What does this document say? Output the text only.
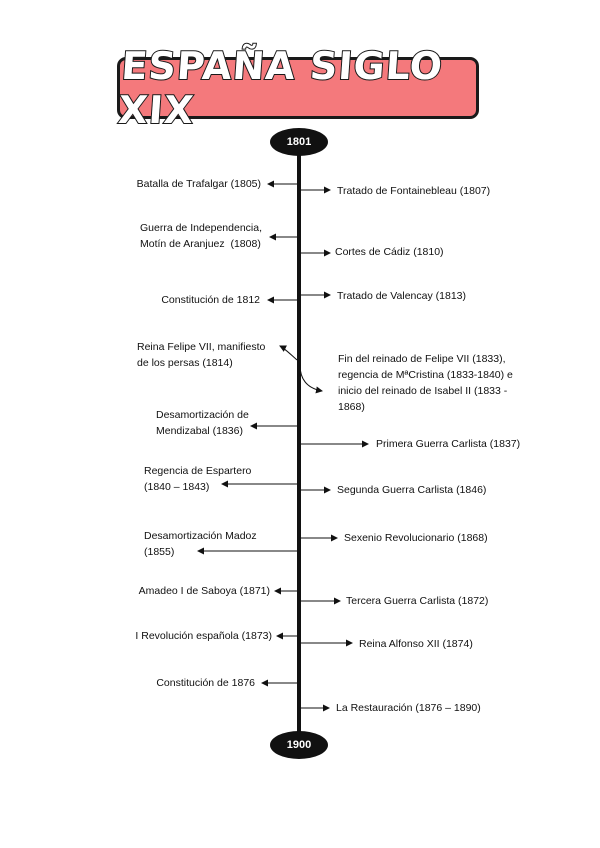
ESPAÑA SIGLO XIX
1801
1900
Batalla de Trafalgar (1805)
Guerra de Independencia,
Motín de Aranjuez  (1808)
Constitución de 1812
Reina Felipe VII, manifiesto
de los persas (1814)
Desamortización de
Mendizabal (1836)
Regencia de Espartero
(1840 – 1843)
Desamortización Madoz
(1855)
Amadeo I de Saboya (1871)
I Revolución española (1873)
Constitución de 1876
Tratado de Fontainebleau (1807)
Cortes de Cádiz (1810)
Tratado de Valencay (1813)
Fin del reinado de Felipe VII (1833),
regencia de MªCristina (1833-1840) e
inicio del reinado de Isabel II (1833 -
1868)
Primera Guerra Carlista (1837)
Segunda Guerra Carlista (1846)
Sexenio Revolucionario (1868)
Tercera Guerra Carlista (1872)
Reina Alfonso XII (1874)
La Restauración (1876 – 1890)
